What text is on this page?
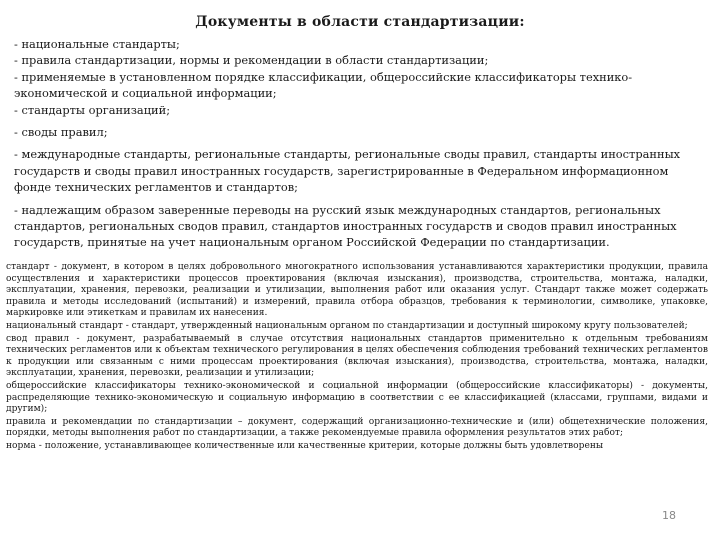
Документы в области стандартизации:
- национальные стандарты;
- правила стандартизации, нормы и рекомендации в области стандартизации;
- применяемые в установленном порядке классификации, общероссийские классификаторы технико-экономической и социальной информации;
- стандарты организаций;
- своды правил;
- международные стандарты, региональные стандарты, региональные своды правил, стандарты иностранных государств и своды правил иностранных государств, зарегистрированные в Федеральном информационном фонде технических регламентов и стандартов;
- надлежащим образом заверенные переводы на русский язык международных стандартов, региональных стандартов, региональных сводов правил, стандартов иностранных государств и сводов правил иностранных государств, принятые на учет национальным органом Российской Федерации по стандартизации.

стандарт - документ, в котором в целях добровольного многократного использования устанавливаются характеристики продукции, правила осуществления и характеристики процессов проектирования (включая изыскания), производства, строительства, монтажа, наладки, эксплуатации, хранения, перевозки, реализации и утилизации, выполнения работ или оказания услуг. Стандарт также может содержать правила и методы исследований (испытаний) и измерений, правила отбора образцов, требования к терминологии, символике, упаковке, маркировке или этикеткам и правилам их нанесения.

национальный стандарт - стандарт, утвержденный национальным органом по стандартизации и доступный широкому кругу пользователей;

свод правил - документ, разрабатываемый в случае отсутствия национальных стандартов применительно к отдельным требованиям технических регламентов или к объектам технического регулирования в целях обеспечения соблюдения требований технических регламентов к продукции или связанным с ними процессам проектирования (включая изыскания), производства, строительства, монтажа, наладки, эксплуатации, хранения, перевозки, реализации и утилизации;

общероссийские классификаторы технико-экономической и социальной информации (общероссийские классификаторы) - документы, распределяющие технико-экономическую и социальную информацию в соответствии с ее классификацией (классами, группами, видами и другим);

правила и рекомендации по стандартизации – документ, содержащий организационно-технические и (или) общетехнические положения, порядки, методы выполнения работ по стандартизации, а также рекомендуемые правила оформления результатов этих работ;

норма - положение, устанавливающее количественные или качественные критерии, которые должны быть удовлетворены

18
